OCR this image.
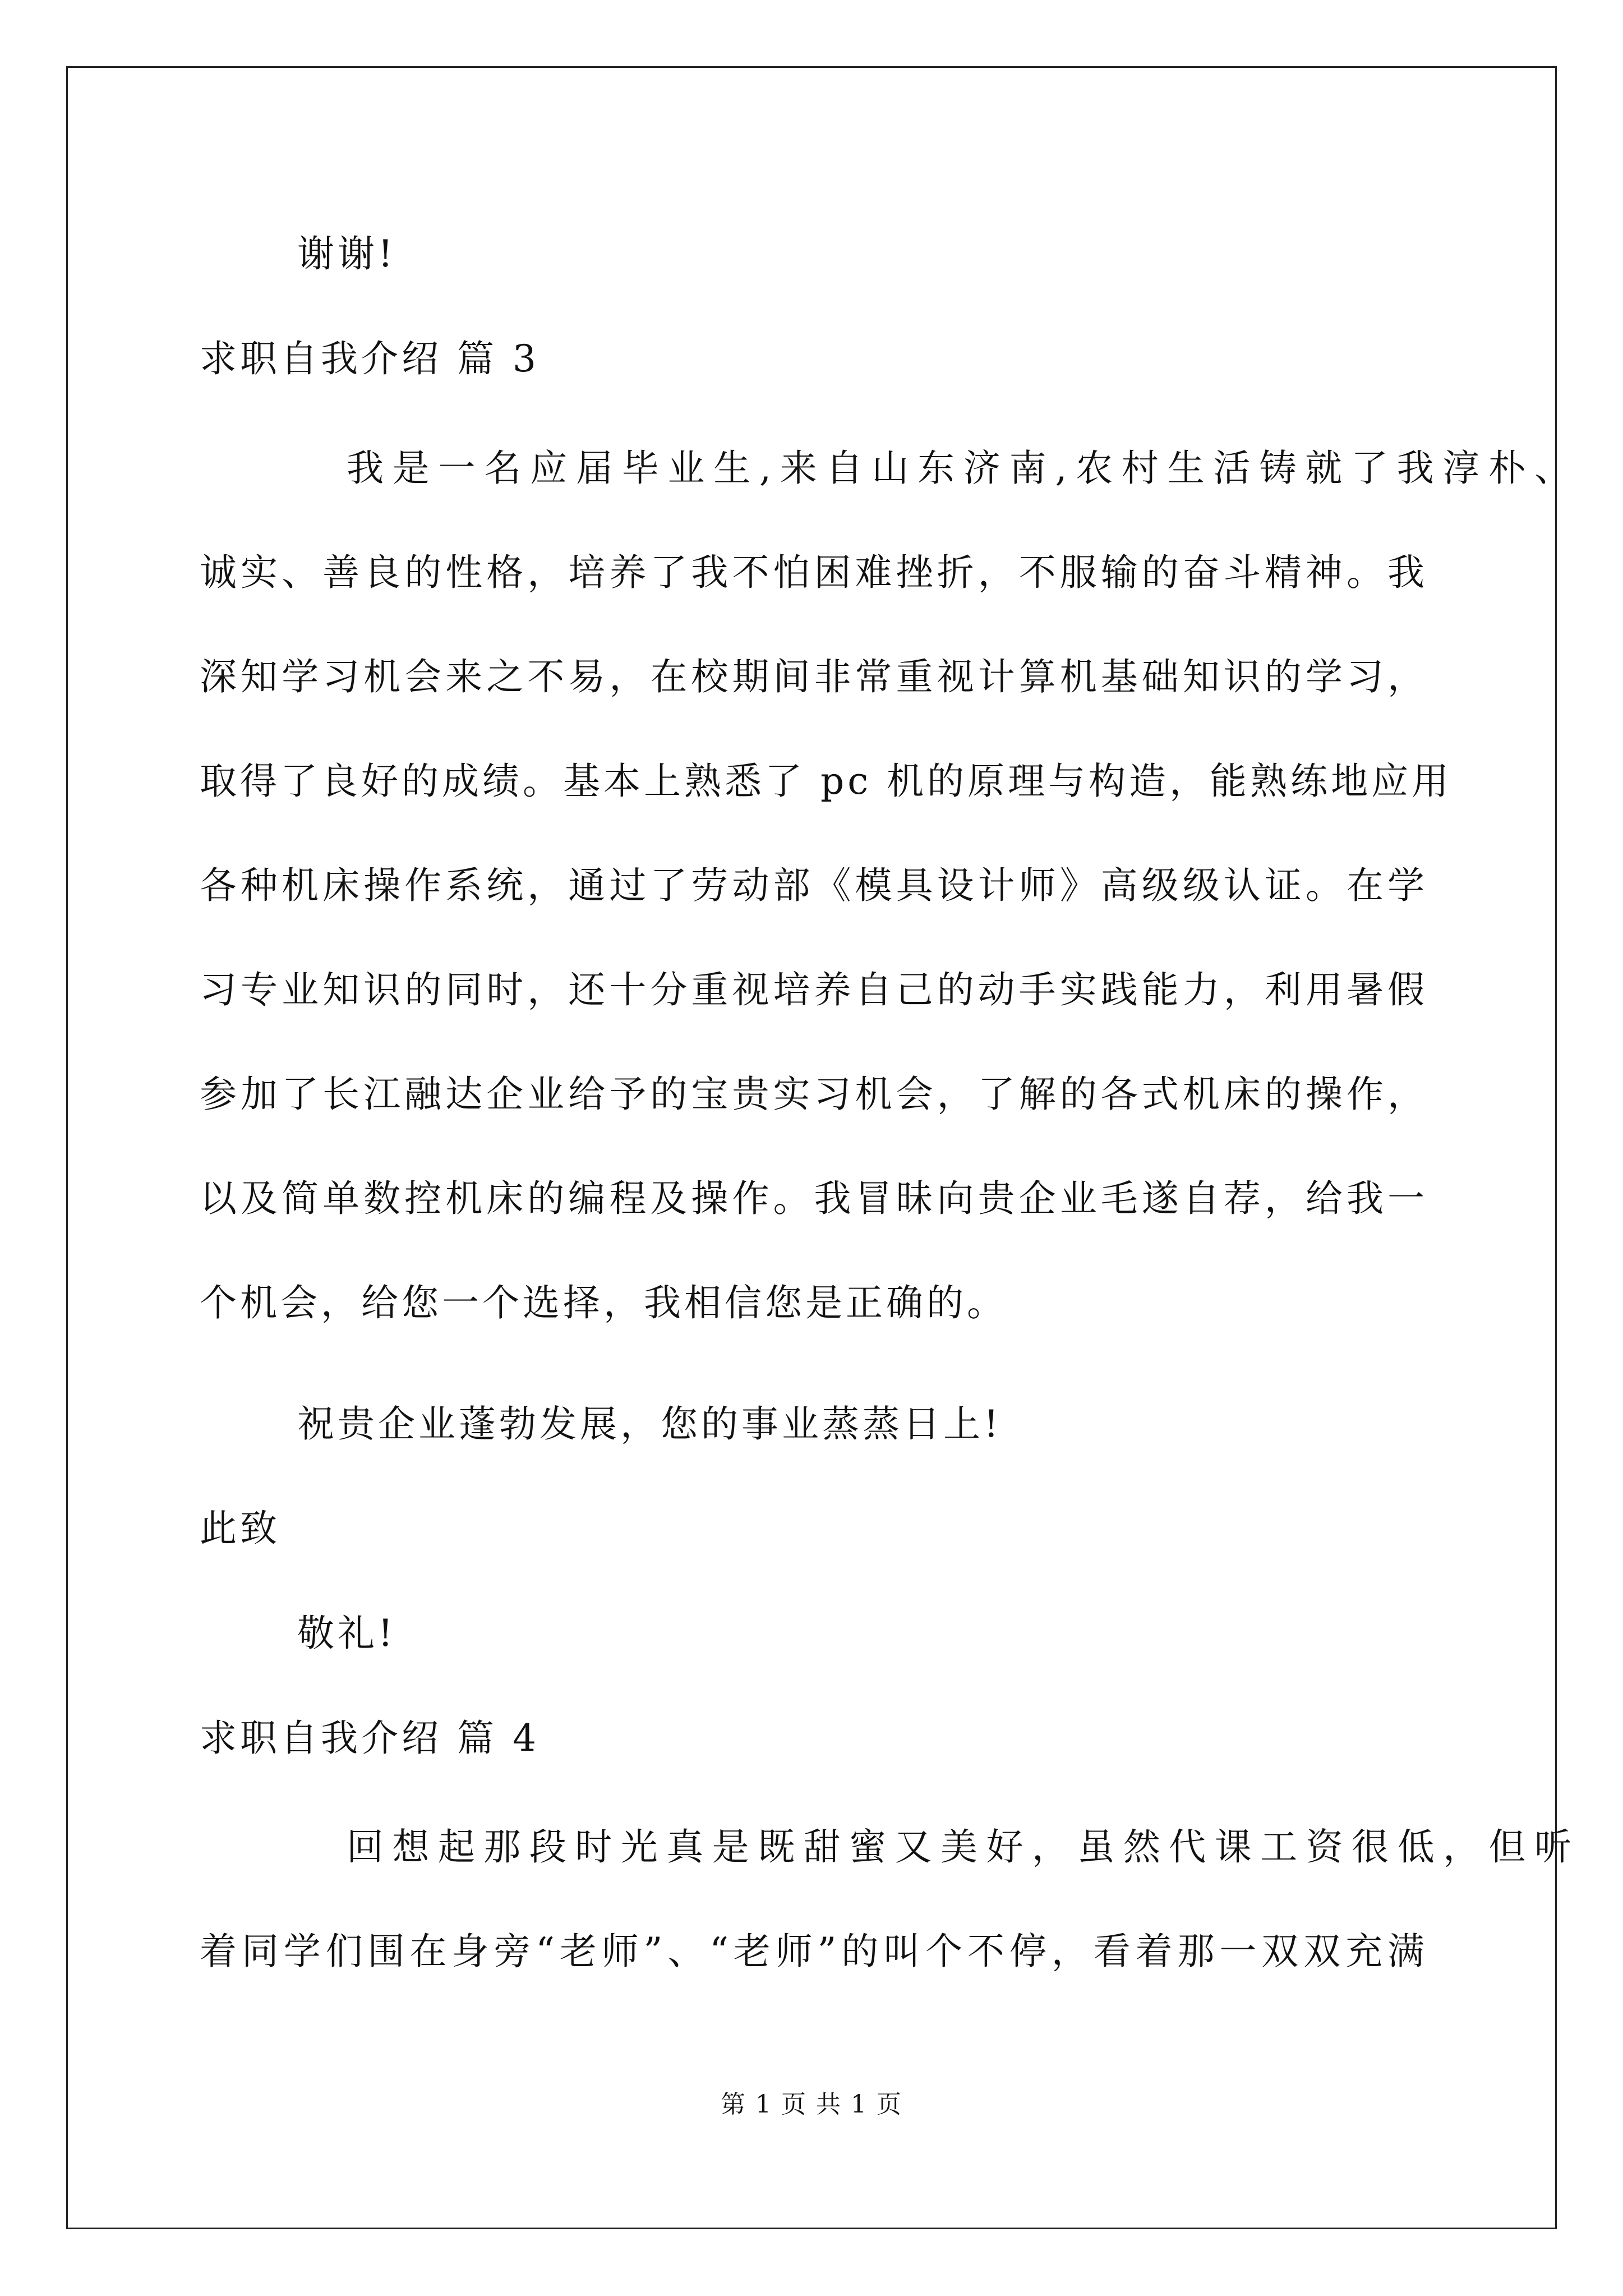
谢谢!
求职自我介绍 篇 3
我是一名应届毕业生,来自山东济南,农村生活铸就了我淳朴、
诚实、善良的性格，培养了我不怕困难挫折，不服输的奋斗精神。我
深知学习机会来之不易，在校期间非常重视计算机基础知识的学习，
取得了良好的成绩。基本上熟悉了 pc 机的原理与构造，能熟练地应用
各种机床操作系统，通过了劳动部《模具设计师》高级级认证。在学
习专业知识的同时，还十分重视培养自己的动手实践能力，利用暑假
参加了长江融达企业给予的宝贵实习机会，了解的各式机床的操作，
以及简单数控机床的编程及操作。我冒昧向贵企业毛遂自荐，给我一
个机会，给您一个选择，我相信您是正确的。
祝贵企业蓬勃发展，您的事业蒸蒸日上!
此致
敬礼!
求职自我介绍 篇 4
回想起那段时光真是既甜蜜又美好，虽然代课工资很低，但听
着同学们围在身旁“老师”、“老师”的叫个不停，看着那一双双充满
第 1 页 共 1 页
